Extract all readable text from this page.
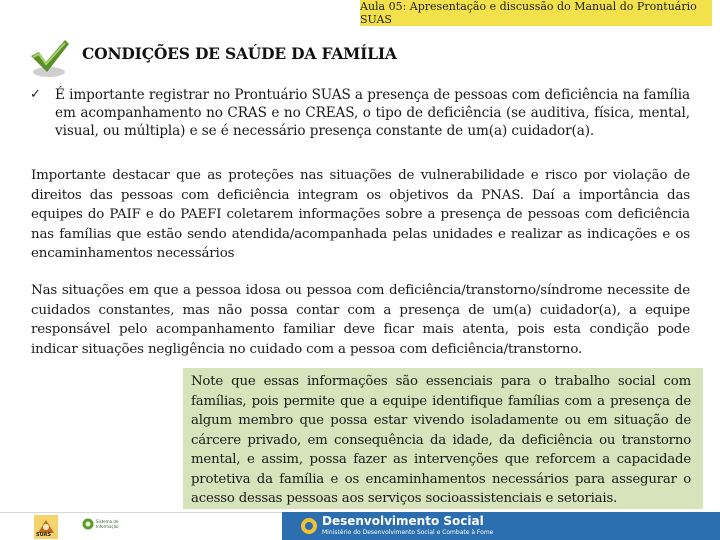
Aula 05: Apresentação e discussão do Manual do Prontuário SUAS
CONDIÇÕES DE SAÚDE DA FAMÍLIA
✓ É importante registrar no Prontuário SUAS a presença de pessoas com deficiência na família em acompanhamento no CRAS e no CREAS, o tipo de deficiência (se auditiva, física, mental, visual, ou múltipla) e se é necessário presença constante de um(a) cuidador(a).
Importante destacar que as proteções nas situações de vulnerabilidade e risco por violação de direitos das pessoas com deficiência integram os objetivos da PNAS. Daí a importância das equipes do PAIF e do PAEFI coletarem informações sobre a presença de pessoas com deficiência nas famílias que estão sendo atendida/acompanhada pelas unidades e realizar as indicações e os encaminhamentos necessários
Nas situações em que a pessoa idosa ou pessoa com deficiência/transtorno/síndrome necessite de cuidados constantes, mas não possa contar com a presença de um(a) cuidador(a), a equipe responsável pelo acompanhamento familiar deve ficar mais atenta, pois esta condição pode indicar situações negligência no cuidado com a pessoa com deficiência/transtorno.
Note que essas informações são essenciais para o trabalho social com famílias, pois permite que a equipe identifique famílias com a presença de algum membro que possa estar vivendo isoladamente ou em situação de cárcere privado, em consequência da idade, da deficiência ou transtorno mental, e assim, possa fazer as intervenções que reforcem a capacidade protetiva da família e os encaminhamentos necessários para assegurar o acesso dessas pessoas aos serviços socioassistenciais e setoriais.
SUAS
Sistema de Informação	Desenvolvimento Social
Ministério do Desenvolvimento Social e Combate à Fome
